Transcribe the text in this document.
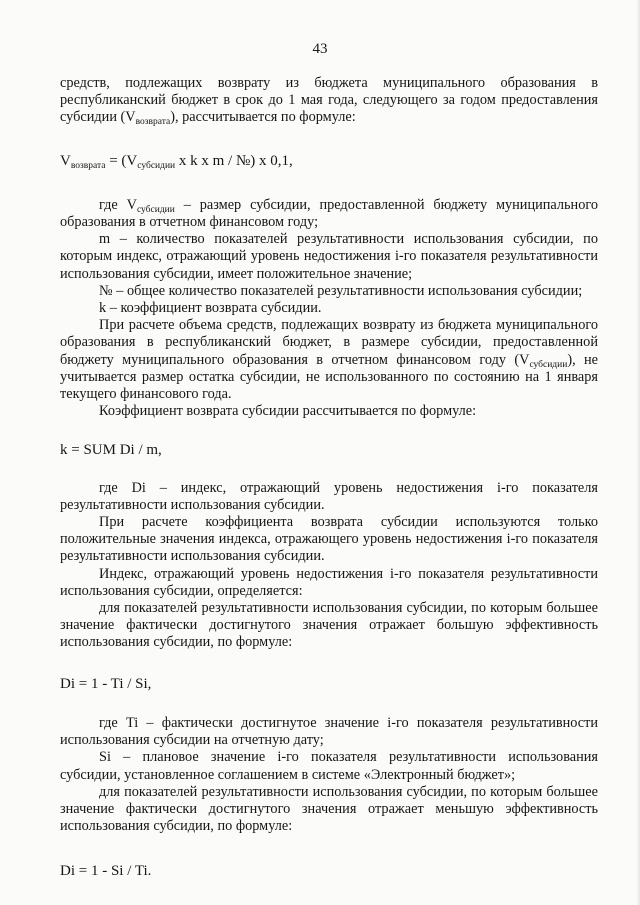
43

средств, подлежащих возврату из бюджета муниципального образования в республиканский бюджет в срок до 1 мая года, следующего за годом предоставления субсидии $(V_{возврата})$, рассчитывается по формуле:

$V_{возврата} = (V_{субсидии}$ x k x m / №) x 0,1,

где $V_{субсидии}$ – размер субсидии, предоставленной бюджету муниципального образования в отчетном финансовом году;

m – количество показателей результативности использования субсидии, по которым индекс, отражающий уровень недостижения i-го показателя результативности использования субсидии, имеет положительное значение;

№ – общее количество показателей результативности использования субсидии;

k – коэффициент возврата субсидии.

При расчете объема средств, подлежащих возврату из бюджета муниципального образования в республиканский бюджет, в размере субсидии, предоставленной бюджету муниципального образования в отчетном финансовом году $(V_{субсидии})$, не учитывается размер остатка субсидии, не использованного по состоянию на 1 января текущего финансового года.

Коэффициент возврата субсидии рассчитывается по формуле:

k = SUM Di / m,

где Di – индекс, отражающий уровень недостижения i-го показателя результативности использования субсидии.

При расчете коэффициента возврата субсидии используются только положительные значения индекса, отражающего уровень недостижения i-го показателя результативности использования субсидии.

Индекс, отражающий уровень недостижения i-го показателя результативности использования субсидии, определяется:

для показателей результативности использования субсидии, по которым большее значение фактически достигнутого значения отражает большую эффективность использования субсидии, по формуле:

Di = 1 - Ti / Si,

где Ti – фактически достигнутое значение i-го показателя результативности использования субсидии на отчетную дату;

Si – плановое значение i-го показателя результативности использования субсидии, установленное соглашением в системе «Электронный бюджет»;

для показателей результативности использования субсидии, по которым большее значение фактически достигнутого значения отражает меньшую эффективность использования субсидии, по формуле:

Di = 1 - Si / Ti.
